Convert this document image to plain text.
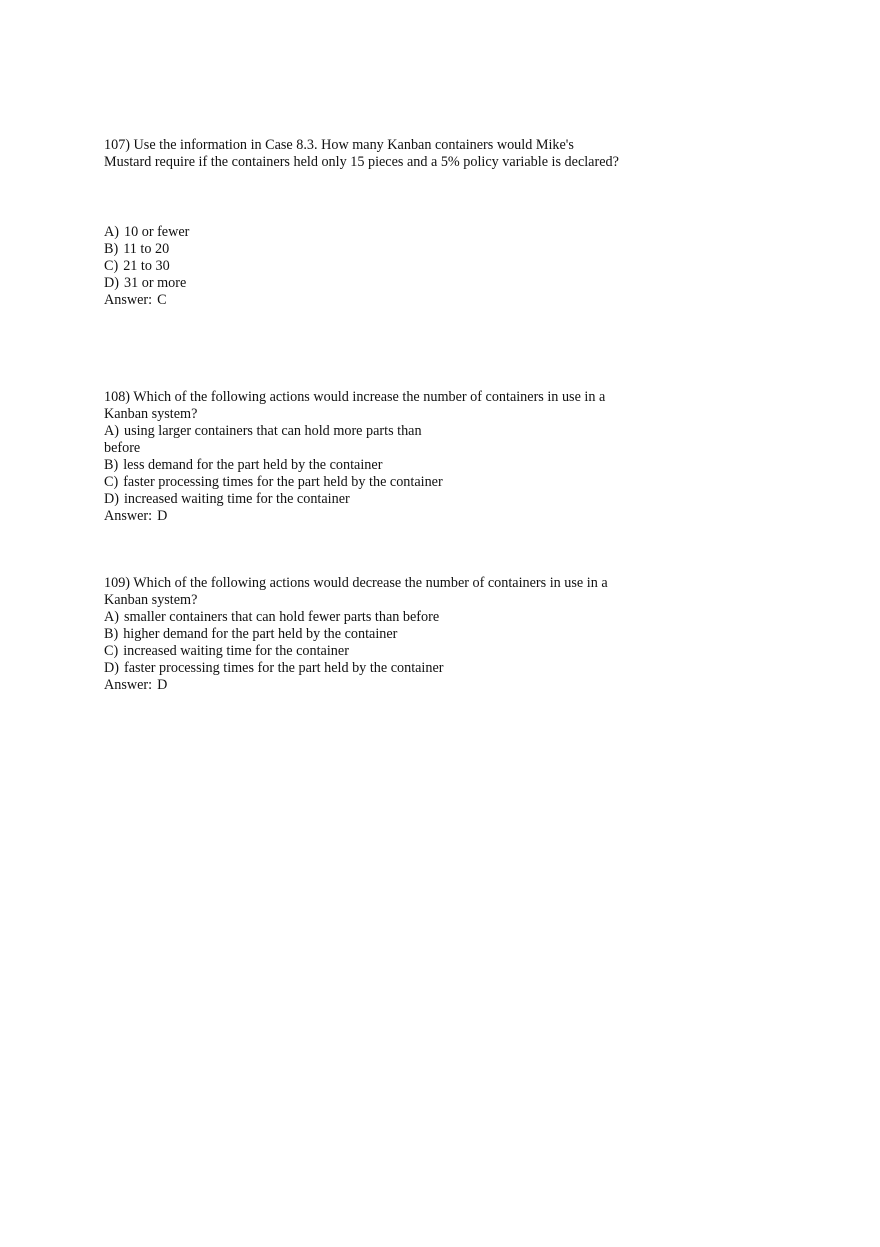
107) Use the information in Case 8.3. How many Kanban containers would Mike's
Mustard require if the containers held only 15 pieces and a 5% policy variable is declared?
A) 10 or fewer
B) 11 to 20
C) 21 to 30
D) 31 or more
Answer: C
108) Which of the following actions would increase the number of containers in use in a
Kanban system?
A) using larger containers that can hold more parts than
before
B) less demand for the part held by the container
C) faster processing times for the part held by the container
D) increased waiting time for the container
Answer: D
109) Which of the following actions would decrease the number of containers in use in a
Kanban system?
A) smaller containers that can hold fewer parts than before
B) higher demand for the part held by the container
C) increased waiting time for the container
D) faster processing times for the part held by the container
Answer: D
